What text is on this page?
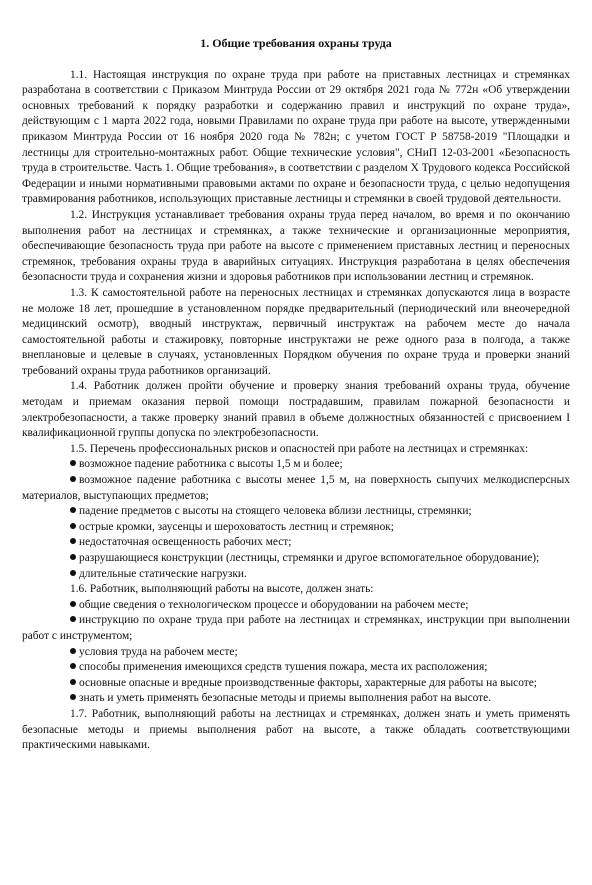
1. Общие требования охраны труда

1.1. Настоящая инструкция по охране труда при работе на приставных лестницах и стремянках разработана в соответствии с Приказом Минтруда России от 29 октября 2021 года № 772н «Об утверждении основных требований к порядку разработки и содержанию правил и инструкций по охране труда», действующим с 1 марта 2022 года, новыми Правилами по охране труда при работе на высоте, утвержденными приказом Минтруда России от 16 ноября 2020 года № 782н; с учетом ГОСТ Р 58758-2019 "Площадки и лестницы для строительно-монтажных работ. Общие технические условия", СНиП 12-03-2001 «Безопасность труда в строительстве. Часть 1. Общие требования», в соответствии с разделом X Трудового кодекса Российской Федерации и иными нормативными правовыми актами по охране и безопасности труда, с целью недопущения травмирования работников, использующих приставные лестницы и стремянки в своей трудовой деятельности.

1.2. Инструкция устанавливает требования охраны труда перед началом, во время и по окончанию выполнения работ на лестницах и стремянках, а также технические и организационные мероприятия, обеспечивающие безопасность труда при работе на высоте с применением приставных лестниц и переносных стремянок, требования охраны труда в аварийных ситуациях. Инструкция разработана в целях обеспечения безопасности труда и сохранения жизни и здоровья работников при использовании лестниц и стремянок.

1.3. К самостоятельной работе на переносных лестницах и стремянках допускаются лица в возрасте не моложе 18 лет, прошедшие в установленном порядке предварительный (периодический или внеочередной медицинский осмотр), вводный инструктаж, первичный инструктаж на рабочем месте до начала самостоятельной работы и стажировку, повторные инструктажи не реже одного раза в полгода, а также внеплановые и целевые в случаях, установленных Порядком обучения по охране труда и проверки знаний требований охраны труда работников организаций.

1.4. Работник должен пройти обучение и проверку знания требований охраны труда, обучение методам и приемам оказания первой помощи пострадавшим, правилам пожарной безопасности и электробезопасности, а также проверку знаний правил в объеме должностных обязанностей с присвоением I квалификационной группы допуска по электробезопасности.

1.5. Перечень профессиональных рисков и опасностей при работе на лестницах и стремянках:

возможное падение работника с высоты 1,5 м и более;
возможное падение работника с высоты менее 1,5 м, на поверхность сыпучих мелкодисперсных материалов, выступающих предметов;
падение предметов с высоты на стоящего человека вблизи лестницы, стремянки;
острые кромки, заусенцы и шероховатость лестниц и стремянок;
недостаточная освещенность рабочих мест;
разрушающиеся конструкции (лестницы, стремянки и другое вспомогательное оборудование);
длительные статические нагрузки.

1.6. Работник, выполняющий работы на высоте, должен знать:

общие сведения о технологическом процессе и оборудовании на рабочем месте;
инструкцию по охране труда при работе на лестницах и стремянках, инструкции при выполнении работ с инструментом;
условия труда на рабочем месте;
способы применения имеющихся средств тушения пожара, места их расположения;
основные опасные и вредные производственные факторы, характерные для работы на высоте;
знать и уметь применять безопасные методы и приемы выполнения работ на высоте.

1.7. Работник, выполняющий работы на лестницах и стремянках, должен знать и уметь применять безопасные методы и приемы выполнения работ на высоте, а также обладать соответствующими практическими навыками.
